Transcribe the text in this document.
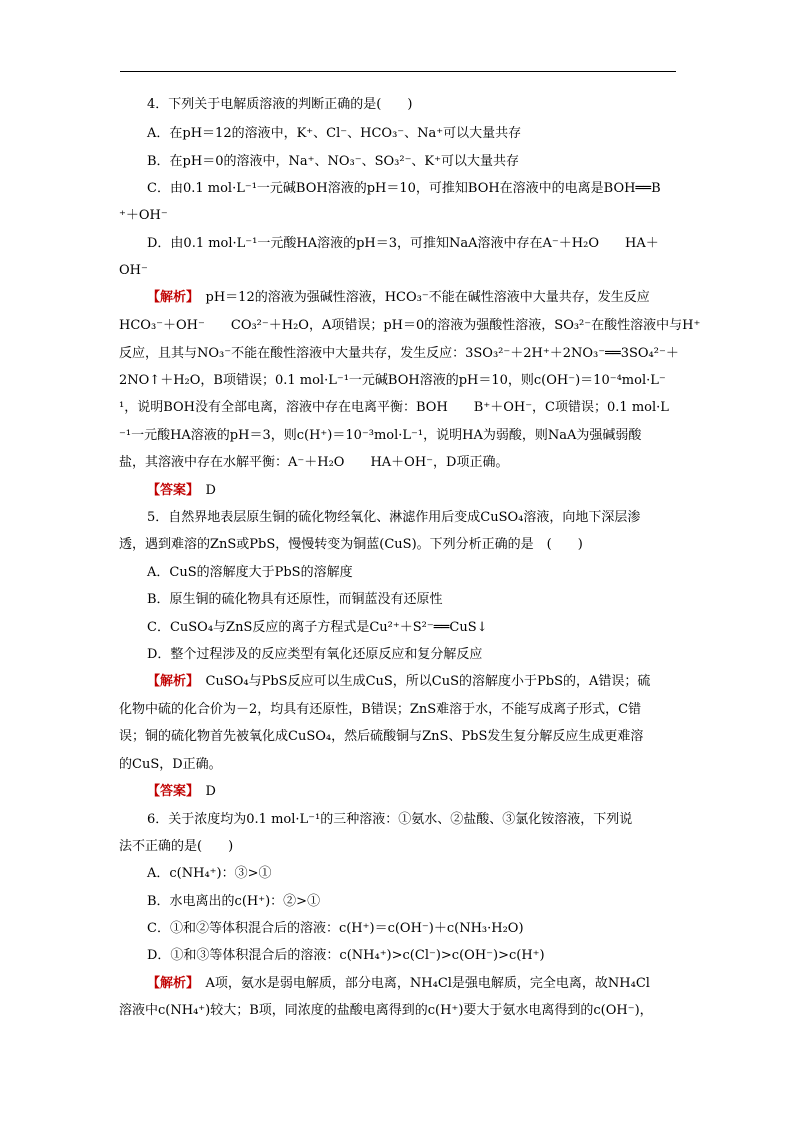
4．下列关于电解质溶液的判断正确的是(　　)
A．在pH＝12的溶液中，K⁺、Cl⁻、HCO₃⁻、Na⁺可以大量共存
B．在pH＝0的溶液中，Na⁺、NO₃⁻、SO₃²⁻、K⁺可以大量共存
C．由0.1 mol·L⁻¹一元碱BOH溶液的pH＝10，可推知BOH在溶液中的电离是BOH══B
⁺＋OH⁻
D．由0.1 mol·L⁻¹一元酸HA溶液的pH＝3，可推知NaA溶液中存在A⁻＋H₂O　　HA＋
OH⁻
【解析】　pH＝12的溶液为强碱性溶液，HCO₃⁻不能在碱性溶液中大量共存，发生反应
HCO₃⁻＋OH⁻　　CO₃²⁻＋H₂O，A项错误；pH＝0的溶液为强酸性溶液，SO₃²⁻在酸性溶液中与H⁺
反应，且其与NO₃⁻不能在酸性溶液中大量共存，发生反应：3SO₃²⁻＋2H⁺＋2NO₃⁻══3SO₄²⁻＋
2NO↑＋H₂O，B项错误；0.1 mol·L⁻¹一元碱BOH溶液的pH＝10，则c(OH⁻)＝10⁻⁴mol·L⁻
¹，说明BOH没有全部电离，溶液中存在电离平衡：BOH　　B⁺＋OH⁻，C项错误；0.1 mol·L
⁻¹一元酸HA溶液的pH＝3，则c(H⁺)＝10⁻³mol·L⁻¹，说明HA为弱酸，则NaA为强碱弱酸
盐，其溶液中存在水解平衡：A⁻＋H₂O　　HA＋OH⁻，D项正确。
【答案】　 D
5．自然界地表层原生铜的硫化物经氧化、淋滤作用后变成CuSO₄溶液，向地下深层渗
透，遇到难溶的ZnS或PbS，慢慢转变为铜蓝(CuS)。下列分析正确的是　(　　)
A．CuS的溶解度大于PbS的溶解度
B．原生铜的硫化物具有还原性，而铜蓝没有还原性
C．CuSO₄与ZnS反应的离子方程式是Cu²⁺＋S²⁻══CuS↓
D．整个过程涉及的反应类型有氧化还原反应和复分解反应
【解析】　CuSO₄与PbS反应可以生成CuS，所以CuS的溶解度小于PbS的，A错误；硫
化物中硫的化合价为－2，均具有还原性，B错误；ZnS难溶于水，不能写成离子形式，C错
误；铜的硫化物首先被氧化成CuSO₄，然后硫酸铜与ZnS、PbS发生复分解反应生成更难溶
的CuS，D正确。
【答案】　 D
6．关于浓度均为0.1 mol·L⁻¹的三种溶液：①氨水、②盐酸、③氯化铵溶液，下列说
法不正确的是(　　)
A．c(NH₄⁺)：③>①
B．水电离出的c(H⁺)：②>①
C．①和②等体积混合后的溶液：c(H⁺)＝c(OH⁻)＋c(NH₃·H₂O)
D．①和③等体积混合后的溶液：c(NH₄⁺)>c(Cl⁻)>c(OH⁻)>c(H⁺)
【解析】　A项，氨水是弱电解质，部分电离，NH₄Cl是强电解质，完全电离，故NH₄Cl
溶液中c(NH₄⁺)较大；B项，同浓度的盐酸电离得到的c(H⁺)要大于氨水电离得到的c(OH⁻)，
